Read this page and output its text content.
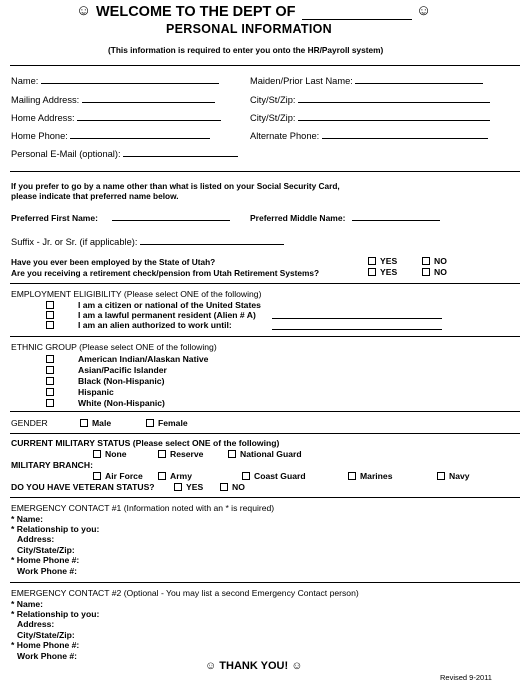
☺ WELCOME TO THE DEPT OF	☺
PERSONAL INFORMATION
(This information is required to enter you onto the HR/Payroll system)
Name:	Maiden/Prior Last Name:
Mailing Address:	City/St/Zip:
Home Address:	City/St/Zip:
Home Phone:	Alternate Phone:
Personal E-Mail (optional):
If you prefer to go by a name other than what is listed on your Social Security Card,
please indicate that preferred name below.
Preferred First Name:	Preferred Middle Name:
Suffix - Jr. or Sr. (if applicable):
Have you ever been employed by the State of Utah?	YES	NO
Are you receiving a retirement check/pension from Utah Retirement Systems?	YES	NO
EMPLOYMENT ELIGIBILITY (Please select ONE of the following)
I am a citizen or national of the United States
I am a lawful permanent resident (Alien # A)
I am an alien authorized to work until:
ETHNIC GROUP (Please select ONE of the following)
American Indian/Alaskan Native
Asian/Pacific Islander
Black (Non-Hispanic)
Hispanic
White (Non-Hispanic)
GENDER	Male	Female
CURRENT MILITARY STATUS (Please select ONE of the following)
None	Reserve	National Guard
MILITARY BRANCH:
Air Force	Army	Coast Guard	Marines	Navy
DO YOU HAVE VETERAN STATUS?	YES	NO
EMERGENCY CONTACT #1 (Information noted with an * is required)
* Name:
* Relationship to you:
Address:
City/State/Zip:
* Home Phone #:
Work Phone #:
EMERGENCY CONTACT #2 (Optional - You may list a second Emergency Contact person)
* Name:
* Relationship to you:
Address:
City/State/Zip:
* Home Phone #:
Work Phone #:
☺ THANK YOU! ☺
Revised 9-2011
